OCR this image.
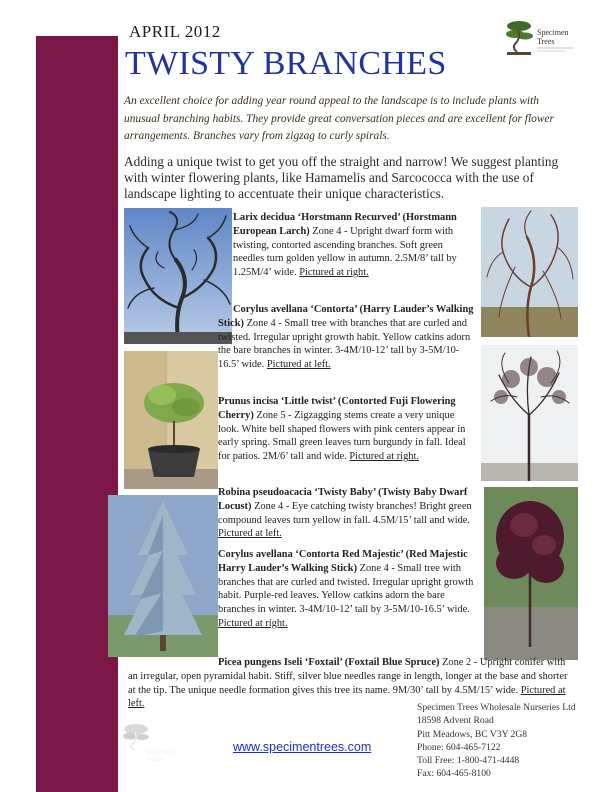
APRIL 2012
TWISTY BRANCHES
Specimen
Trees
An excellent choice for adding year round appeal to the landscape is to include plants with unusual branching habits. They provide great conversation pieces and are excellent for flower arrangements. Branches vary from zigzag to curly spirals.
Adding a unique twist to get you off the straight and narrow! We suggest planting with winter flowering plants, like Hamamelis and Sarcococca with the use of landscape lighting to accentuate their unique characteristics.
Larix decidua ‘Horstmann Recurved’ (Horstmann European Larch) Zone 4 - Upright dwarf form with twisting, contorted ascending branches. Soft green needles turn golden yellow in autumn. 2.5M/8’ tall by 1.25M/4’ wide. Pictured at right.
Corylus avellana ‘Contorta’ (Harry Lauder’s Walking Stick) Zone 4 - Small tree with branches that are curled and twisted. Irregular upright growth habit. Yellow catkins adorn the bare branches in winter. 3-4M/10-12’ tall by 3-5M/10-16.5’ wide. Pictured at left.
Prunus incisa ‘Little twist’ (Contorted Fuji Flowering Cherry) Zone 5 - Zigzagging stems create a very unique look. White bell shaped flowers with pink centers appear in early spring. Small green leaves turn burgundy in fall. Ideal for patios. 2M/6’ tall and wide. Pictured at right.
Robina pseudoacacia ‘Twisty Baby’ (Twisty Baby Dwarf Locust) Zone 4 - Eye catching twisty branches! Bright green compound leaves turn yellow in fall. 4.5M/15’ tall and wide. Pictured at left.
Corylus avellana ‘Contorta Red Majestic’ (Red Majestic Harry Lauder’s Walking Stick) Zone 4 - Small tree with branches that are curled and twisted. Irregular upright growth habit. Purple-red leaves. Yellow catkins adorn the bare branches in winter. 3-4M/10-12’ tall by 3-5M/10-16.5’ wide. Pictured at right.
Picea pungens Iseli ‘Foxtail’ (Foxtail Blue Spruce) Zone 2 - Upright conifer with an irregular, open pyramidal habit. Stiff, silver blue needles range in length, longer at the base and shorter at the tip. The unique needle formation gives this tree its name. 9M/30’ tall by 4.5M/15’ wide. Pictured at left.
SPECIMEN
TREES
www.specimentrees.com
Specimen Trees Wholesale Nurseries Ltd
18598 Advent Road
Pitt Meadows, BC V3Y 2G8
Phone: 604-465-7122
Toll Free: 1-800-471-4448
Fax: 604-465-8100
